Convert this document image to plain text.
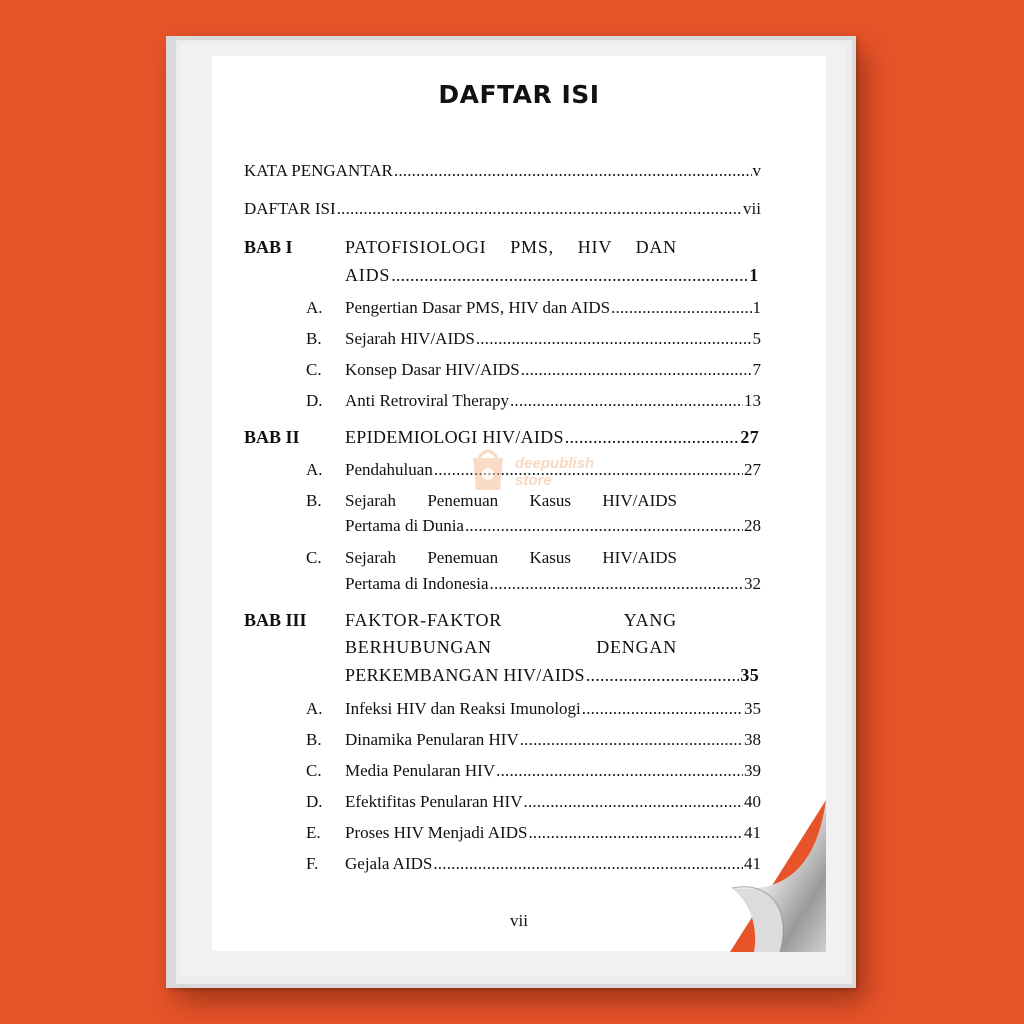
DAFTAR ISI
KATA PENGANTAR .....	v
DAFTAR ISI .....	vii
BAB I	PATOFISIOLOGI PMS, HIV DAN
AIDS .....	1
A. Pengertian Dasar PMS, HIV dan AIDS .....	1
B. Sejarah HIV/AIDS .....	5
C. Konsep Dasar HIV/AIDS .....	7
D. Anti Retroviral Therapy .....	13
BAB II	EPIDEMIOLOGI HIV/AIDS .....	27
A. Pendahuluan .....	27
B. Sejarah Penemuan Kasus HIV/AIDS
Pertama di Dunia .....	28
C. Sejarah Penemuan Kasus HIV/AIDS
Pertama di Indonesia .....	32
BAB III FAKTOR-FAKTOR YANG
BERHUBUNGAN DENGAN
PERKEMBANGAN HIV/AIDS .....	35
A. Infeksi HIV dan Reaksi Imunologi .....	35
B. Dinamika Penularan HIV .....	38
C. Media Penularan HIV .....	39
D. Efektifitas Penularan HIV .....	40
E. Proses HIV Menjadi AIDS .....	41
F. Gejala AIDS .....	41
vii
deepublish
store
